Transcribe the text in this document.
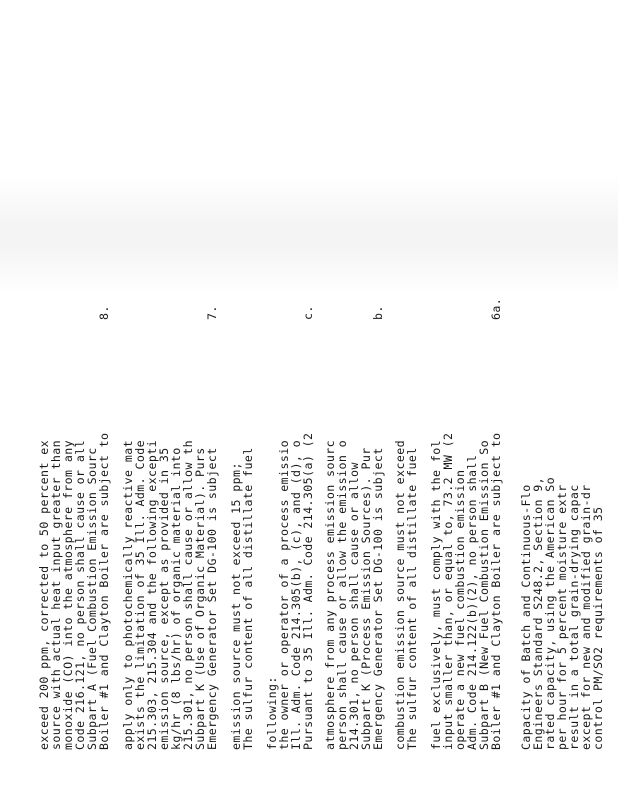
control PM/SO2 requirements of 35
except for new and modified grain-dr
result in a total grain-drying capac
per hour for 5 percent moisture extr
rated capacity, using the American So
Engineers Standard S248.2, Section 9,
Capacity of Batch and Continuous-Flo
6a.
Boiler #1 and Clayton Boiler are subject to
Subpart B (New Fuel Combustion Emission So
Adm. Code 214.122(b)(2), no person shall
operate a new fuel combustion emission
input smaller than, or equal to, 73.2 MW (2
fuel exclusively, must comply with the fol
The sulfur content of all distillate fuel
combustion emission source must not exceed
b.
Emergency Generator Set DG-100 is subject
Subpart K (Process Emission Sources). Pur
214.301, no person shall cause or allow
person shall cause or allow the emission o
atmosphere from any process emission sourc
c.
Pursuant to 35 Ill. Adm. Code 214.305(a) (2
Ill. Adm. Code 214.305(b), (c), and (d), o
the owner or operator of a process emissio
following:
The sulfur content of all distillate fuel
emission source must not exceed 15 ppm;
7.
Emergency Generator Set DG-100 is subject
Subpart K (Use of Organic Material). Purs
215.301, no person shall cause or allow th
kg/hr (8 lbs/hr) of organic material into
emission source, except as provided in 35
215.303, 215.304 and the following excepti
exists the limitation of 35 Ill. Adm. Code
apply only to photochemically reactive mat
8.
Boiler #1 and Clayton Boiler are subject to
Subpart A (Fuel Combustion Emission Sourc
Code 216.121, no person shall cause or all
monoxide (CO) into the atmosphere from any
source with actual heat input greater than
exceed 200 ppm, corrected to 50 percent ex
